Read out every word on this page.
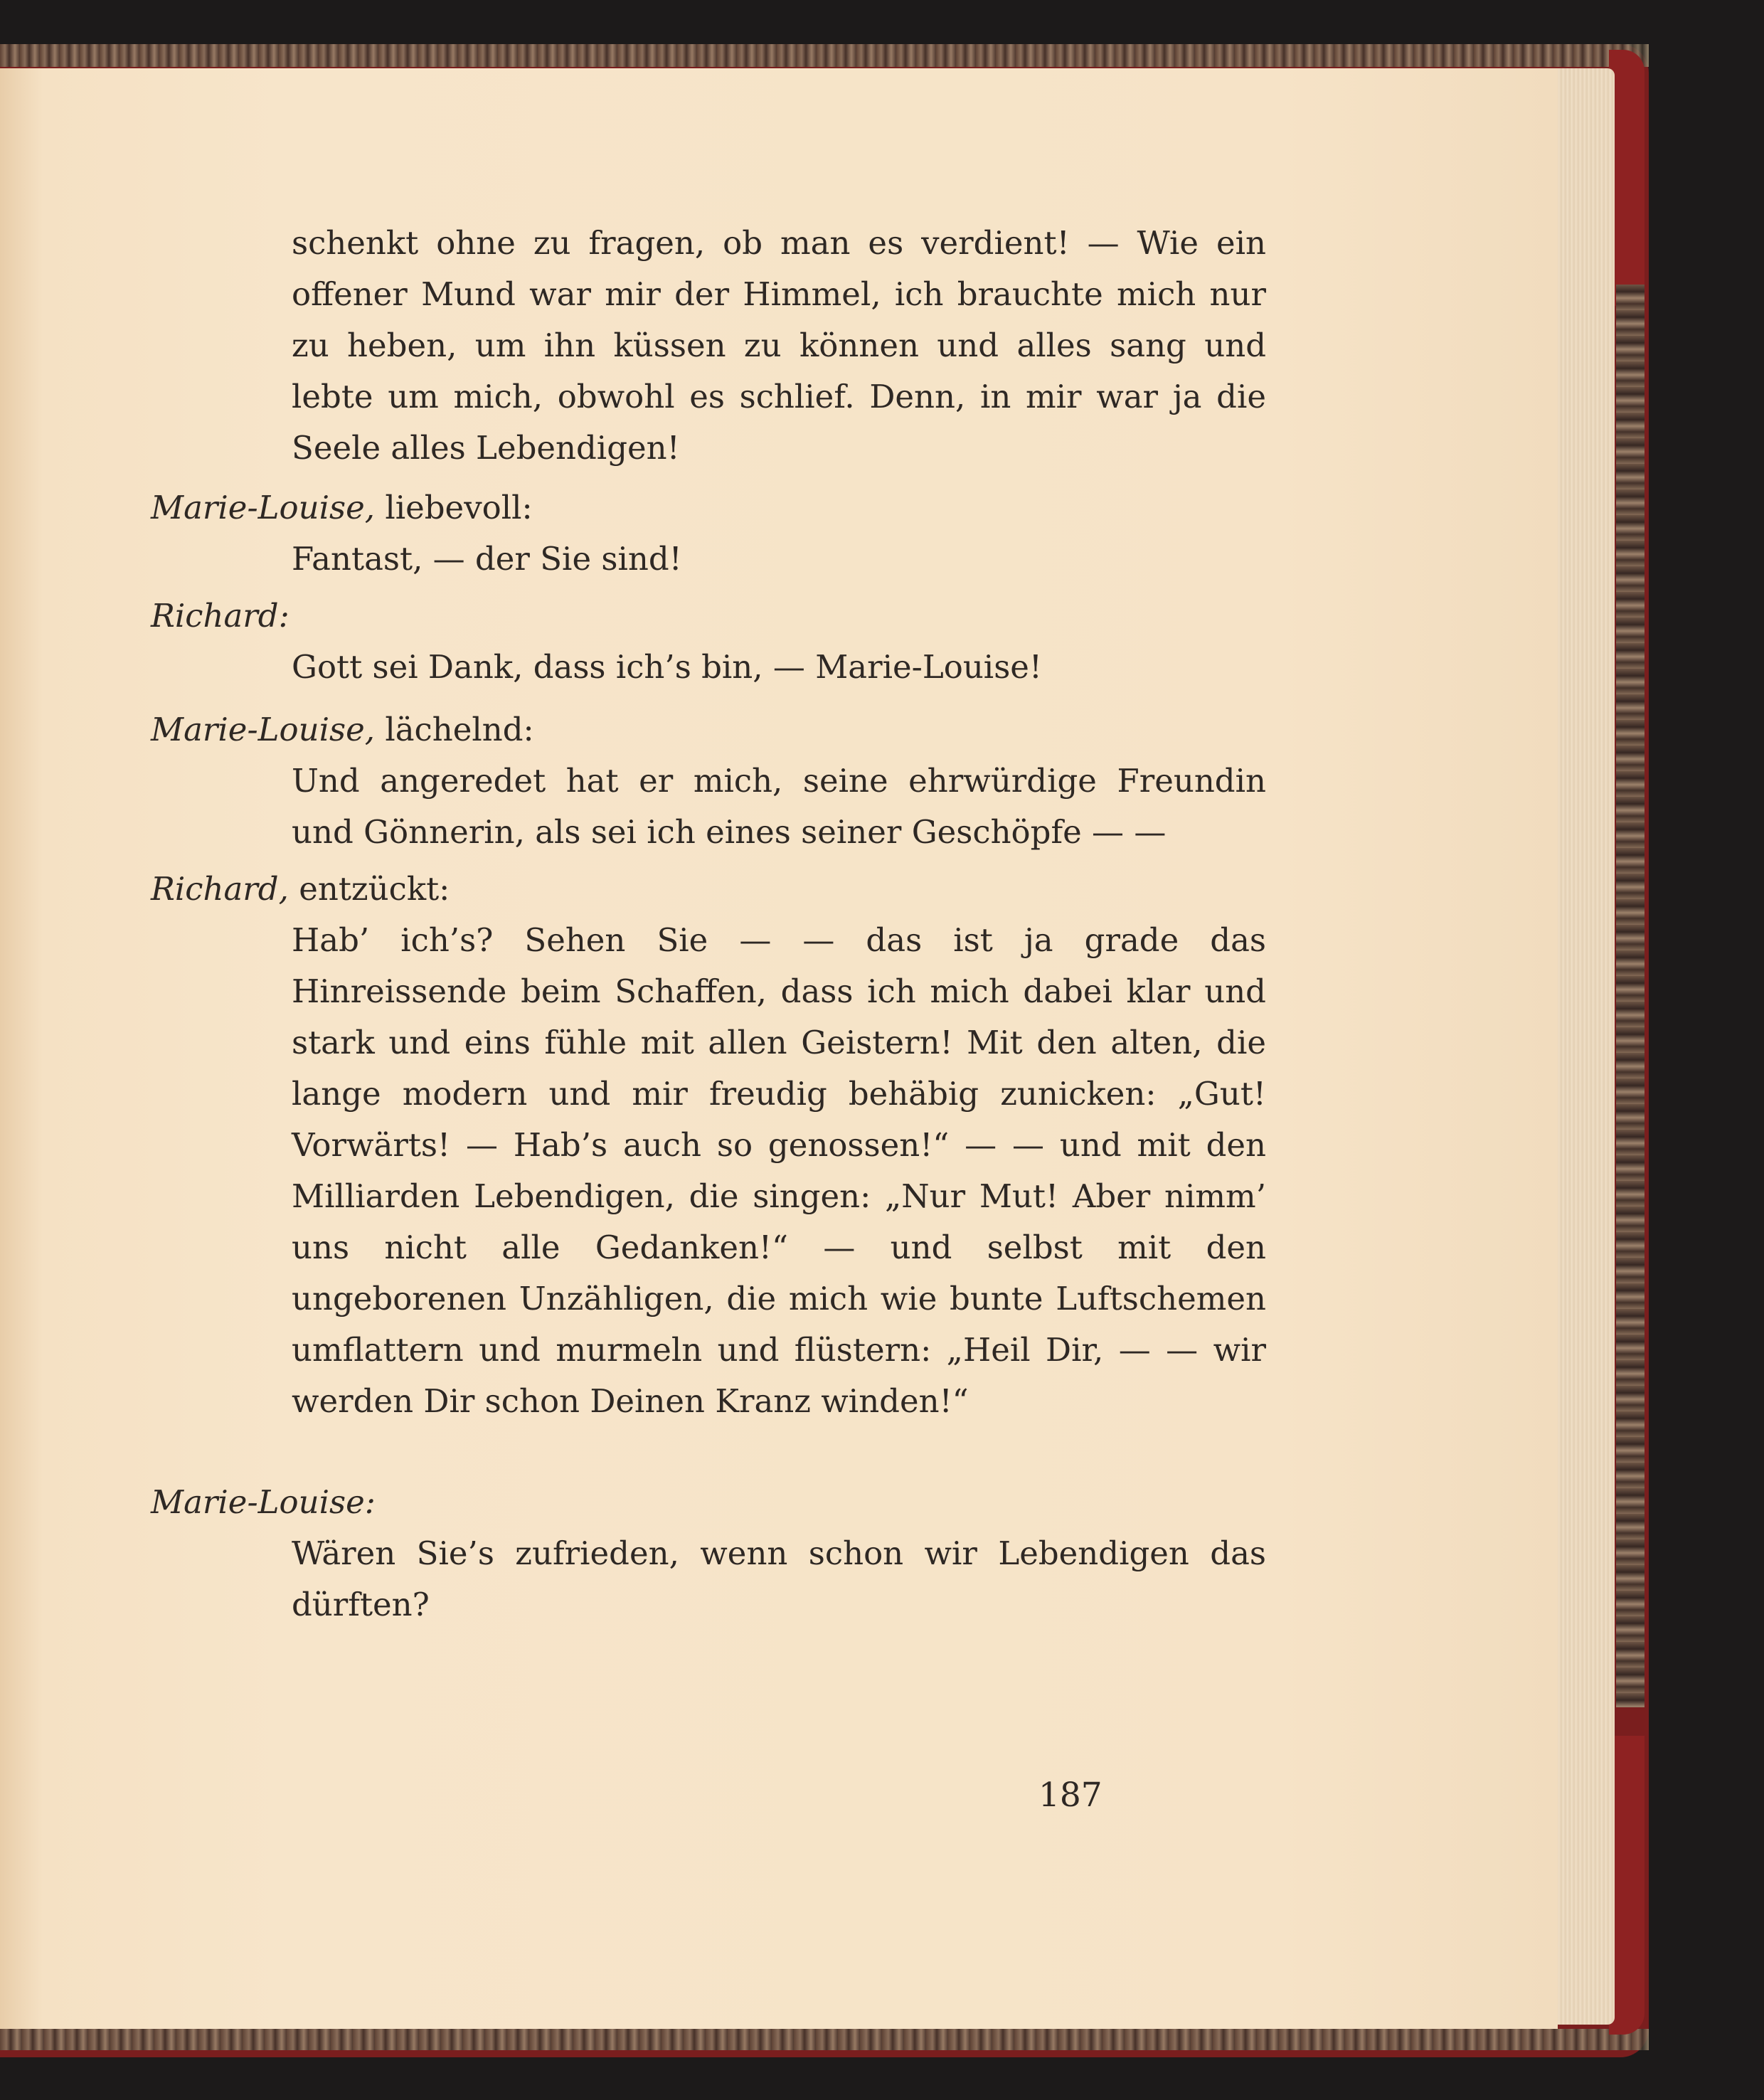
schenkt ohne zu fragen, ob man es verdient! — Wie ein offener Mund war mir der Himmel, ich brauchte mich nur zu heben, um ihn küssen zu können und alles sang und lebte um mich, obwohl es schlief. Denn, in mir war ja die Seele alles Lebendigen!

Marie-Louise, liebevoll:

Fantast, — der Sie sind!

Richard:

Gott sei Dank, dass ich’s bin, — Marie-Louise!

Marie-Louise, lächelnd:

Und angeredet hat er mich, seine ehrwürdige Freundin und Gönnerin, als sei ich eines seiner Geschöpfe — —

Richard, entzückt:

Hab’ ich’s? Sehen Sie — — das ist ja grade das Hinreissende beim Schaffen, dass ich mich dabei klar und stark und eins fühle mit allen Geistern! Mit den alten, die lange modern und mir freudig behäbig zunicken: „Gut! Vorwärts! — Hab’s auch so genossen!“ — — und mit den Milliarden Lebendigen, die singen: „Nur Mut! Aber nimm’ uns nicht alle Gedanken!“ — und selbst mit den ungeborenen Unzähligen, die mich wie bunte Luftschemen umflattern und murmeln und flüstern: „Heil Dir, — — wir werden Dir schon Deinen Kranz winden!“

Marie-Louise:

Wären Sie’s zufrieden, wenn schon wir Lebendigen das dürften?

187
